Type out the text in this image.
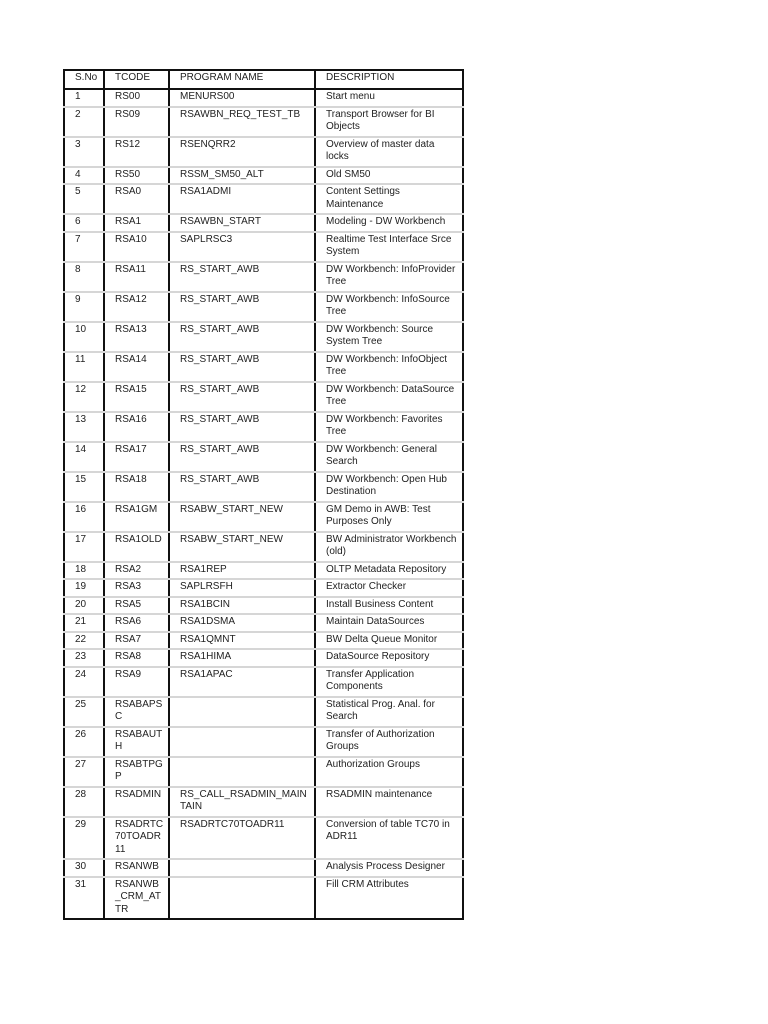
S.No	TCODE	PROGRAM NAME	DESCRIPTION
1	RS00	MENURS00	Start menu
2	RS09	RSAWBN_REQ_TEST_TB	Transport Browser for BI Objects
3	RS12	RSENQRR2	Overview of master data locks
4	RS50	RSSM_SM50_ALT	Old SM50
5	RSA0	RSA1ADMI	Content Settings Maintenance
6	RSA1	RSAWBN_START	Modeling - DW Workbench
7	RSA10	SAPLRSC3	Realtime Test Interface Srce System
8	RSA11	RS_START_AWB	DW Workbench: InfoProvider Tree
9	RSA12	RS_START_AWB	DW Workbench: InfoSource Tree
10	RSA13	RS_START_AWB	DW Workbench: Source System Tree
11	RSA14	RS_START_AWB	DW Workbench: InfoObject Tree
12	RSA15	RS_START_AWB	DW Workbench: DataSource Tree
13	RSA16	RS_START_AWB	DW Workbench: Favorites Tree
14	RSA17	RS_START_AWB	DW Workbench: General Search
15	RSA18	RS_START_AWB	DW Workbench: Open Hub Destination
16	RSA1GM	RSABW_START_NEW	GM Demo in AWB: Test Purposes Only
17	RSA1OLD	RSABW_START_NEW	BW Administrator Workbench (old)
18	RSA2	RSA1REP	OLTP Metadata Repository
19	RSA3	SAPLRSFH	Extractor Checker
20	RSA5	RSA1BCIN	Install Business Content
21	RSA6	RSA1DSMA	Maintain DataSources
22	RSA7	RSA1QMNT	BW Delta Queue Monitor
23	RSA8	RSA1HIMA	DataSource Repository
24	RSA9	RSA1APAC	Transfer Application Components
25	RSABAPSC		Statistical Prog. Anal. for Search
26	RSABAUTH		Transfer of Authorization Groups
27	RSABTPGP		Authorization Groups
28	RSADMIN	RS_CALL_RSADMIN_MAINTAIN	RSADMIN maintenance
29	RSADRTC70TOADR11	RSADRTC70TOADR11	Conversion of table TC70 in ADR11
30	RSANWB		Analysis Process Designer
31	RSANWB_CRM_ATTR		Fill CRM Attributes
